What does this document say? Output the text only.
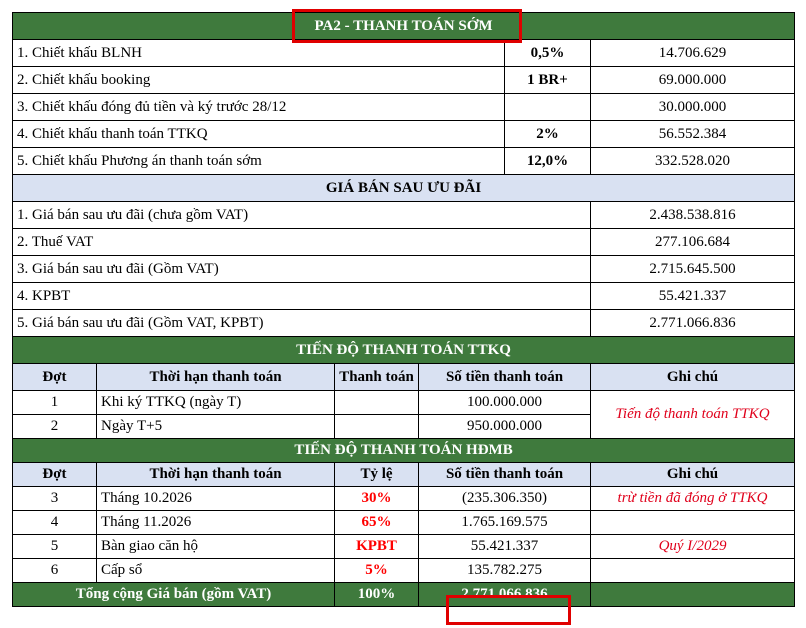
PA2 - THANH TOÁN SỚM					
1. Chiết khấu BLNH				0,5%	14.706.629
2. Chiết khấu booking				1 BR+	69.000.000
3. Chiết khấu đóng đủ tiền và ký trước 28/12					30.000.000
4. Chiết khấu thanh toán TTKQ				2%	56.552.384
5. Chiết khấu Phương án thanh toán sớm				12,0%	332.528.020
GIÁ BÁN SAU ƯU ĐÃI					
1. Giá bán sau ưu đãi (chưa gồm VAT)					2.438.538.816
2. Thuế VAT					277.106.684
3. Giá bán sau ưu đãi (Gồm VAT)					2.715.645.500
4. KPBT					55.421.337
5. Giá bán sau ưu đãi (Gồm VAT, KPBT)					2.771.066.836
TIẾN ĐỘ THANH TOÁN TTKQ					
Đợt	Thời hạn thanh toán	Thanh toán	Số tiền thanh toán		Ghi chú
1	Khi ký TTKQ (ngày T)		100.000.000		Tiến độ thanh toán TTKQ
2	Ngày T+5		950.000.000		
TIẾN ĐỘ THANH TOÁN HĐMB					
Đợt	Thời hạn thanh toán	Tỷ lệ	Số tiền thanh toán		Ghi chú
3	Tháng 10.2026	30%	(235.306.350)		trừ tiền đã đóng ở TTKQ
4	Tháng 11.2026	65%	1.765.169.575		
5	Bàn giao căn hộ	KPBT	55.421.337		Quý I/2029
6	Cấp sổ	5%	135.782.275		
Tổng cộng Giá bán (gồm VAT)		100%	2.771.066.836		
